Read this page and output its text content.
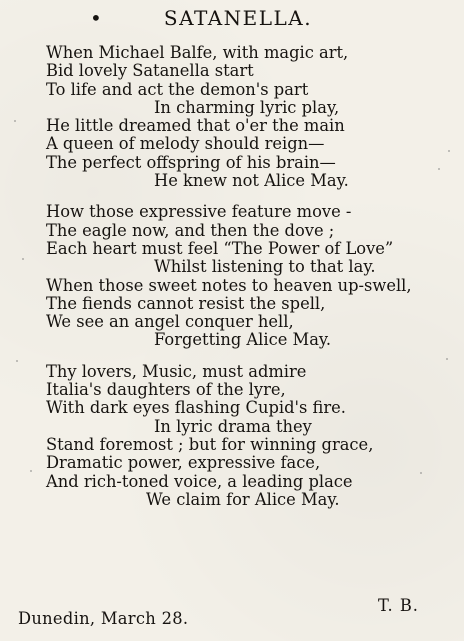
•	SATANELLA.
When Michael Balfe, with magic art,
Bid lovely Satanella start
To life and act the demon's part
In charming lyric play,
He little dreamed that o'er the main
A queen of melody should reign—
The perfect offspring of his brain—
He knew not Alice May.
How those expressive feature move -
The eagle now, and then the dove ;
Each heart must feel “The Power of Love”
Whilst listening to that lay.
When those sweet notes to heaven up-swell,
The fiends cannot resist the spell,
We see an angel conquer hell,
Forgetting Alice May.
Thy lovers, Music, must admire
Italia's daughters of the lyre,
With dark eyes flashing Cupid's fire.
In lyric drama they
Stand foremost ; but for winning grace,
Dramatic power, expressive face,
And rich-toned voice, a leading place
We claim for Alice May.
T. B.
Dunedin, March 28.
